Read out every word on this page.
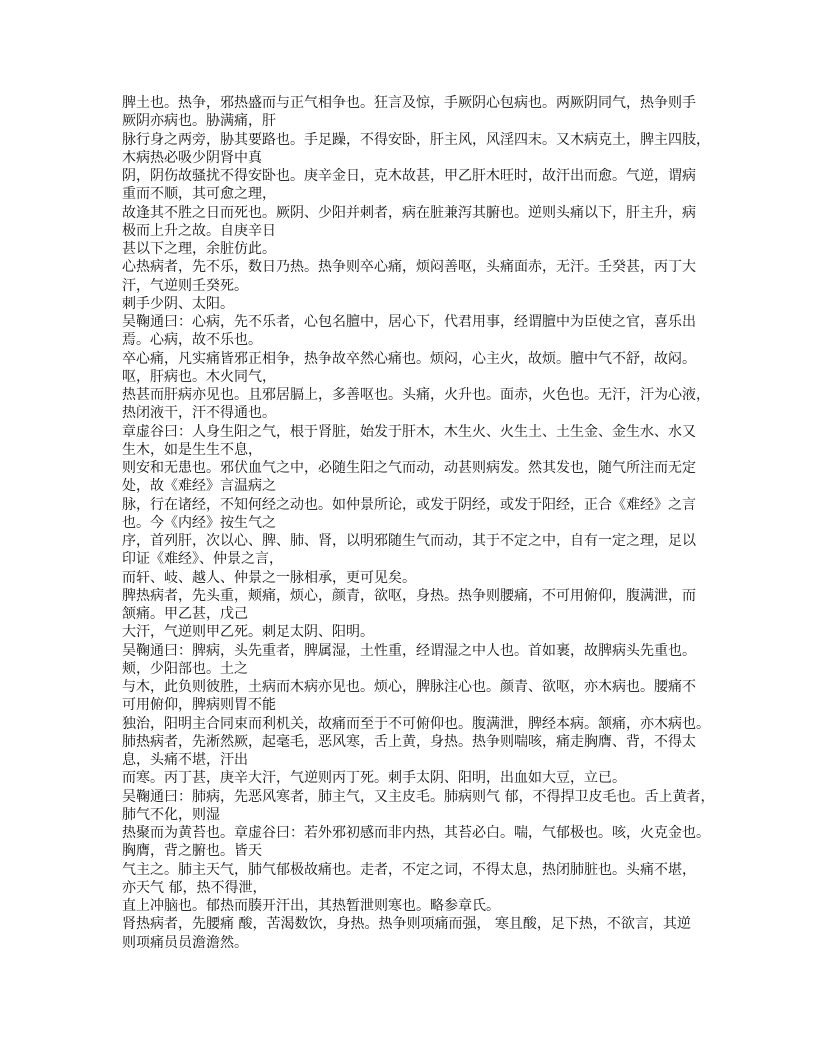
脾土也。热争，邪热盛而与正气相争也。狂言及惊，手厥阴心包病也。两厥阴同气，热争则手
厥阴亦病也。胁满痛，肝
脉行身之两旁，胁其要路也。手足躁，不得安卧，肝主风，风淫四末。又木病克土，脾主四肢，
木病热必吸少阴肾中真
阴，阴伤故骚扰不得安卧也。庚辛金日，克木故甚，甲乙肝木旺时，故汗出而愈。气逆，谓病
重而不顺，其可愈之理，
故逢其不胜之日而死也。厥阴、少阳并刺者，病在脏兼泻其腑也。逆则头痛以下，肝主升，病
极而上升之故。自庚辛日
甚以下之理，余脏仿此。
心热病者，先不乐，数日乃热。热争则卒心痛，烦闷善呕，头痛面赤，无汗。壬癸甚，丙丁大
汗，气逆则壬癸死。
刺手少阴、太阳。
吴鞠通曰：心病，先不乐者，心包名膻中，居心下，代君用事，经谓膻中为臣使之官，喜乐出
焉。心病，故不乐也。
卒心痛，凡实痛皆邪正相争，热争故卒然心痛也。烦闷，心主火，故烦。膻中气不舒，故闷。
呕，肝病也。木火同气，
热甚而肝病亦见也。且邪居膈上，多善呕也。头痛，火升也。面赤，火色也。无汗，汗为心液，
热闭液干，汗不得通也。
章虚谷曰：人身生阳之气，根于肾脏，始发于肝木，木生火、火生土、土生金、金生水、水又
生木，如是生生不息，
则安和无患也。邪伏血气之中，必随生阳之气而动，动甚则病发。然其发也，随气所注而无定
处，故《难经》言温病之
脉，行在诸经，不知何经之动也。如仲景所论，或发于阴经，或发于阳经，正合《难经》之言
也。今《内经》按生气之
序，首列肝，次以心、脾、肺、肾，以明邪随生气而动，其于不定之中，自有一定之理，足以
印证《难经》、仲景之言，
而轩、岐、越人、仲景之一脉相承，更可见矣。
脾热病者，先头重，颊痛，烦心，颜青，欲呕，身热。热争则腰痛，不可用俯仰，腹满泄，而
颔痛。甲乙甚，戊己
大汗，气逆则甲乙死。刺足太阴、阳明。
吴鞠通曰：脾病，头先重者，脾属湿，土性重，经谓湿之中人也。首如裹，故脾病头先重也。
颊，少阳部也。土之
与木，此负则彼胜，土病而木病亦见也。烦心，脾脉注心也。颜青、欲呕，亦木病也。腰痛不
可用俯仰，脾病则胃不能
独治，阳明主合同束而利机关，故痛而至于不可俯仰也。腹满泄，脾经本病。颔痛，亦木病也。
肺热病者，先淅然厥，起毫毛，恶风寒，舌上黄，身热。热争则喘咳，痛走胸膺、背，不得太
息，头痛不堪，汗出
而寒。丙丁甚，庚辛大汗，气逆则丙丁死。刺手太阴、阳明，出血如大豆，立已。
吴鞠通曰：肺病，先恶风寒者，肺主气，又主皮毛。肺病则气 郁，不得捍卫皮毛也。舌上黄者，
肺气不化，则湿
热聚而为黄苔也。章虚谷曰：若外邪初感而非内热，其苔必白。喘，气郁极也。咳，火克金也。
胸膺，背之腑也。皆天
气主之。肺主天气，肺气郁极故痛也。走者，不定之词，不得太息，热闭肺脏也。头痛不堪，
亦天气 郁，热不得泄，
直上冲脑也。郁热而腠开汗出，其热暂泄则寒也。略参章氏。
肾热病者，先腰痛 酸，苦渴数饮，身热。热争则项痛而强， 寒且酸，足下热，不欲言，其逆
则项痛员员澹澹然。
